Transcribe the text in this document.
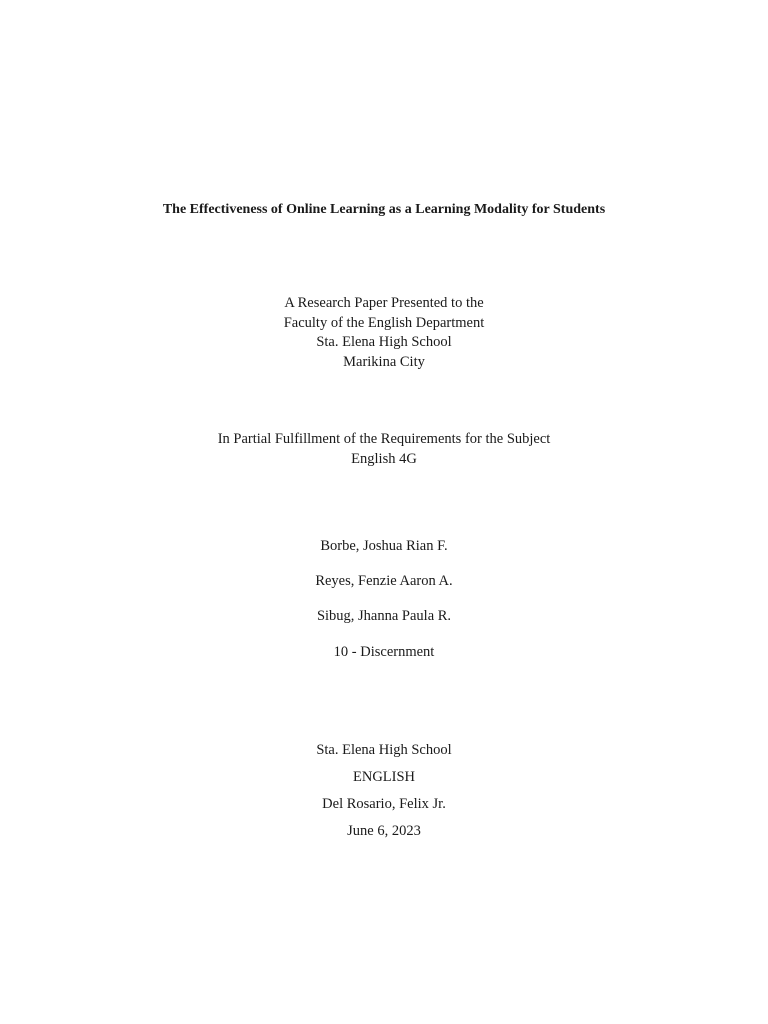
The Effectiveness of Online Learning as a Learning Modality for Students
A Research Paper Presented to the
Faculty of the English Department
Sta. Elena High School
Marikina City
In Partial Fulfillment of the Requirements for the Subject
English 4G
Borbe, Joshua Rian F.
Reyes, Fenzie Aaron A.
Sibug, Jhanna Paula R.
10 - Discernment
Sta. Elena High School
ENGLISH
Del Rosario, Felix Jr.
June 6, 2023
